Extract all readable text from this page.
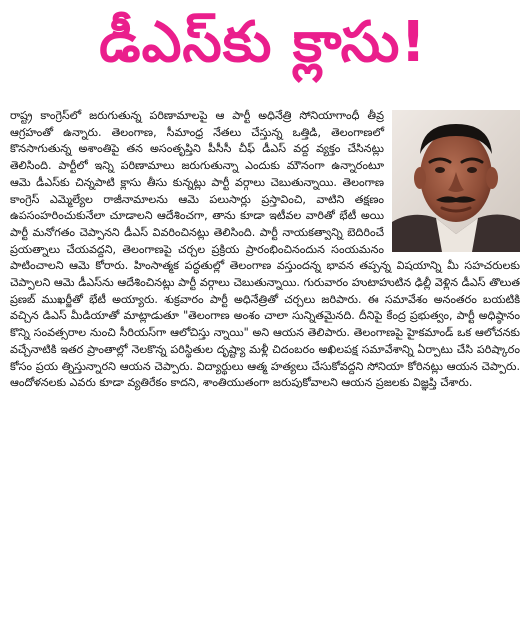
డీఎస్‌కు క్లాసు!

రాష్ట్ర కాంగ్రెస్‌లో జరుగుతున్న పరిణామాలపై ఆ పార్టీ అధినేత్రి సోనియాగాంధీ తీవ్ర ఆగ్రహంతో ఉన్నారు. తెలంగాణ, సీమాంధ్ర నేతలు చేస్తున్న ఒత్తిడి, తెలంగాణలో కొనసాగుతున్న అశాంతిపై తన అసంతృప్తిని పీసీసీ చీఫ్ డీఎస్ వద్ద వ్యక్తం చేసినట్లు తెలిసింది. పార్టీలో ఇన్ని పరిణామాలు జరుగుతున్నా ఎందుకు మౌనంగా ఉన్నారంటూ ఆమె డీఎస్‌కు చిన్నపాటి క్లాసు తీసు కున్నట్లు పార్టీ వర్గాలు చెబుతున్నాయి. తెలంగాణ కాంగ్రెస్ ఎమ్మెల్యేల రాజీనామాలను ఆమె పలుసార్లు ప్రస్తావించి, వాటిని తక్షణం ఉపసంహరించుకునేలా చూడాలని ఆదేశించగా, తాను కూడా ఇటీవల వారితో భేటీ అయి పార్టీ మనోగతం చెప్పానని డీఎస్ వివరించినట్లు తెలిసింది. పార్టీ నాయకత్వాన్ని బెదిరించే ప్రయత్నాలు చేయవద్దని, తెలంగాణపై చర్చల ప్రక్రియ ప్రారంభించినందున సంయమనం పాటించాలని ఆమె కోరారు. హింసాత్మక పద్ధతుల్లో తెలంగాణ వస్తుందన్న భావన తప్పన్న విషయాన్ని మీ సహచరులకు చెప్పాలని ఆమె డీఎస్‌ను ఆదేశించినట్లు పార్టీ వర్గాలు చెబుతున్నాయి. గురువారం హుటాహుటిన ఢిల్లీ వెళ్లిన డీఎస్ తొలుత ప్రణబ్ ముఖర్జీతో భేటీ అయ్యారు. శుక్రవారం పార్టీ అధినేత్రితో చర్చలు జరిపారు. ఈ సమావేశం అనంతరం బయటికి వచ్చిన డిఎస్ మీడియాతో మాట్లాడుతూ "తెలంగాణ అంశం చాలా సున్నితమైనది. దీనిపై కేంద్ర ప్రభుత్వం, పార్టీ అధిష్ఠానం కొన్ని సంవత్సరాల నుంచి సీరియస్‌గా ఆలోచిస్తు న్నాయి" అని ఆయన తెలిపారు. తెలంగాణపై హైకమాండ్ ఒక ఆలోచనకు వచ్చేనాటికి ఇతర ప్రాంతాల్లో నెలకొన్న పరిస్థితుల దృష్ట్యా మళ్లీ చిదంబరం అఖిలపక్ష సమావేశాన్ని ఏర్పాటు చేసి పరిష్కారం కోసం ప్రయ త్నిస్తున్నారని ఆయన చెప్పారు. విద్యార్థులు ఆత్మ హత్యలు చేసుకోవద్దని సోనియా కోరినట్లు ఆయన చెప్పారు. ఆందోళనలకు ఎవరు కూడా వ్యతిరేకం కాదని, శాంతియుతంగా జరుపుకోవాలని ఆయన ప్రజలకు విజ్ఞప్తి చేశారు.
